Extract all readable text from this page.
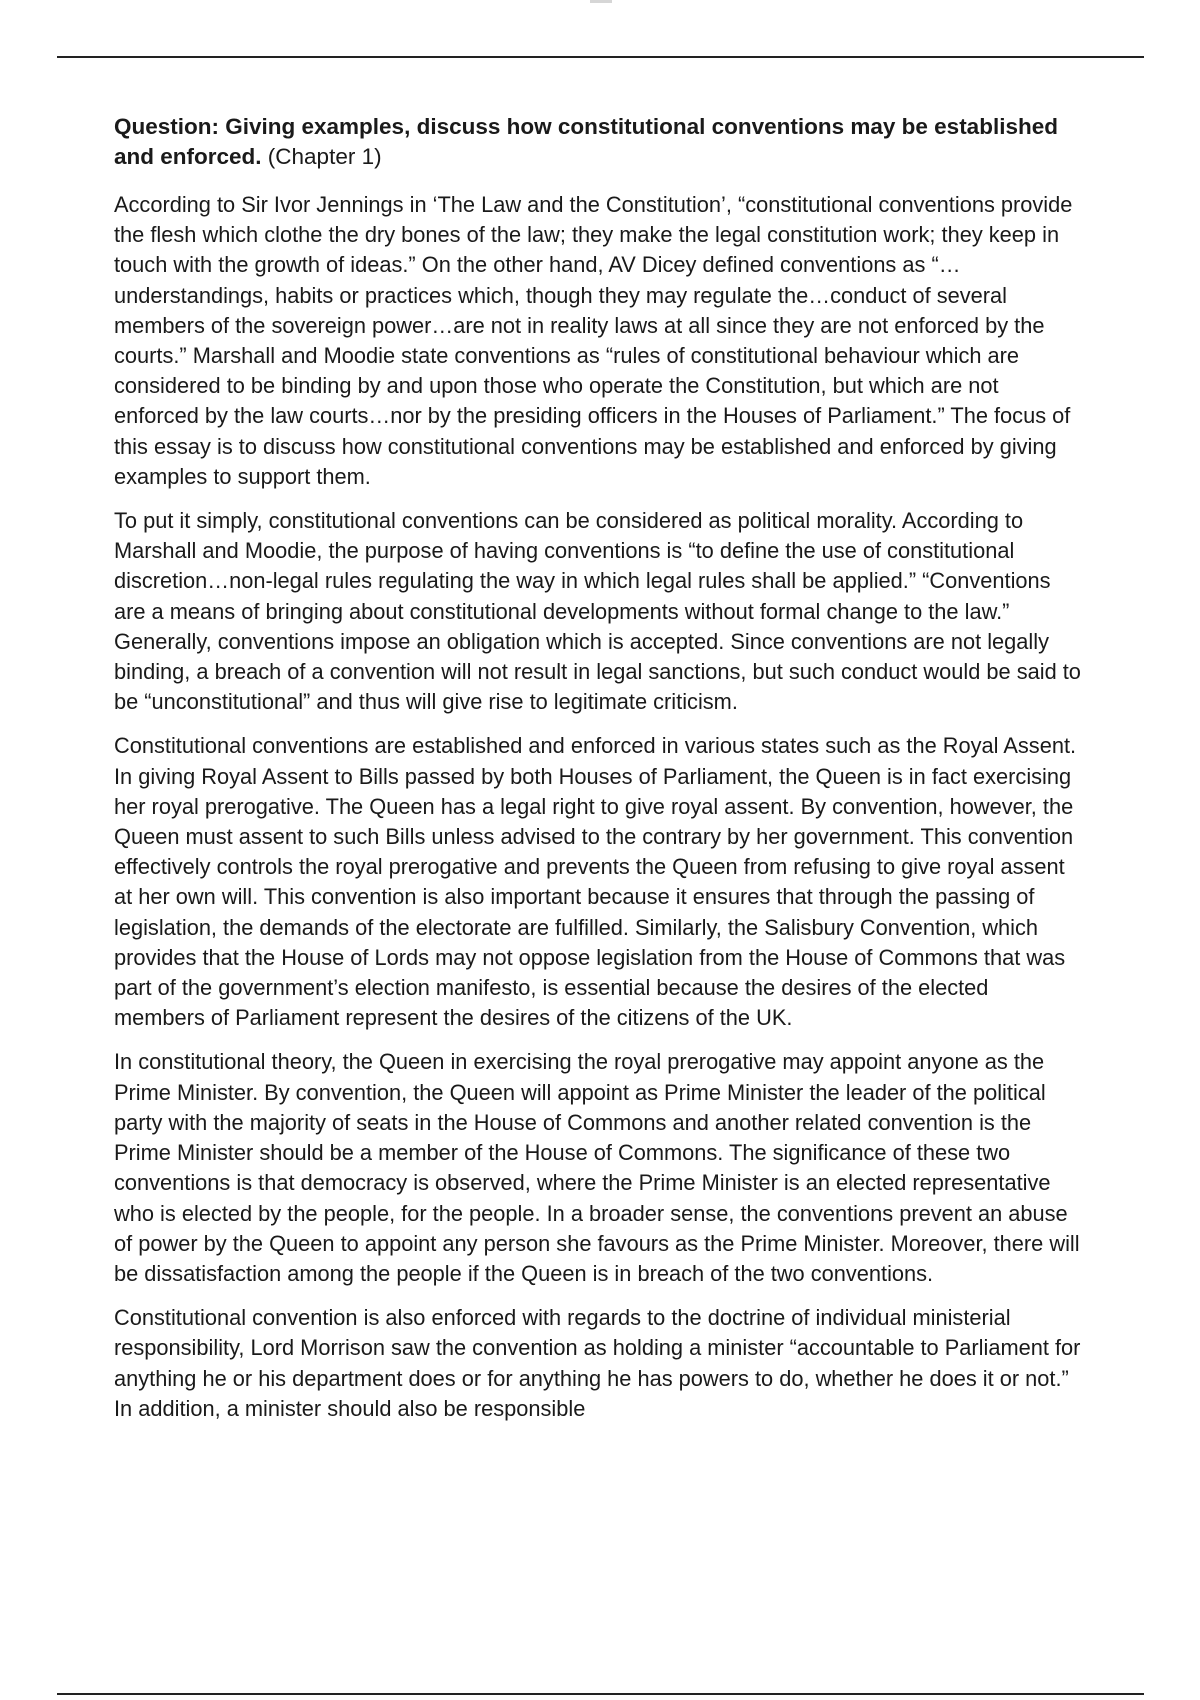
Question: Giving examples, discuss how constitutional conventions may be established and enforced. (Chapter 1)

According to Sir Ivor Jennings in ‘The Law and the Constitution’, “constitutional conventions provide the flesh which clothe the dry bones of the law; they make the legal constitution work; they keep in touch with the growth of ideas.” On the other hand, AV Dicey defined conventions as “…understandings, habits or practices which, though they may regulate the…conduct of several members of the sovereign power…are not in reality laws at all since they are not enforced by the courts.” Marshall and Moodie state conventions as “rules of constitutional behaviour which are considered to be binding by and upon those who operate the Constitution, but which are not enforced by the law courts…nor by the presiding officers in the Houses of Parliament.” The focus of this essay is to discuss how constitutional conventions may be established and enforced by giving examples to support them.

To put it simply, constitutional conventions can be considered as political morality. According to Marshall and Moodie, the purpose of having conventions is “to define the use of constitutional discretion…non-legal rules regulating the way in which legal rules shall be applied.” “Conventions are a means of bringing about constitutional developments without formal change to the law.” Generally, conventions impose an obligation which is accepted. Since conventions are not legally binding, a breach of a convention will not result in legal sanctions, but such conduct would be said to be “unconstitutional” and thus will give rise to legitimate criticism.

Constitutional conventions are established and enforced in various states such as the Royal Assent. In giving Royal Assent to Bills passed by both Houses of Parliament, the Queen is in fact exercising her royal prerogative. The Queen has a legal right to give royal assent. By convention, however, the Queen must assent to such Bills unless advised to the contrary by her government. This convention effectively controls the royal prerogative and prevents the Queen from refusing to give royal assent at her own will. This convention is also important because it ensures that through the passing of legislation, the demands of the electorate are fulfilled. Similarly, the Salisbury Convention, which provides that the House of Lords may not oppose legislation from the House of Commons that was part of the government’s election manifesto, is essential because the desires of the elected members of Parliament represent the desires of the citizens of the UK.

In constitutional theory, the Queen in exercising the royal prerogative may appoint anyone as the Prime Minister. By convention, the Queen will appoint as Prime Minister the leader of the political party with the majority of seats in the House of Commons and another related convention is the Prime Minister should be a member of the House of Commons. The significance of these two conventions is that democracy is observed, where the Prime Minister is an elected representative who is elected by the people, for the people. In a broader sense, the conventions prevent an abuse of power by the Queen to appoint any person she favours as the Prime Minister. Moreover, there will be dissatisfaction among the people if the Queen is in breach of the two conventions.

Constitutional convention is also enforced with regards to the doctrine of individual ministerial responsibility, Lord Morrison saw the convention as holding a minister “accountable to Parliament for anything he or his department does or for anything he has powers to do, whether he does it or not.” In addition, a minister should also be responsible
